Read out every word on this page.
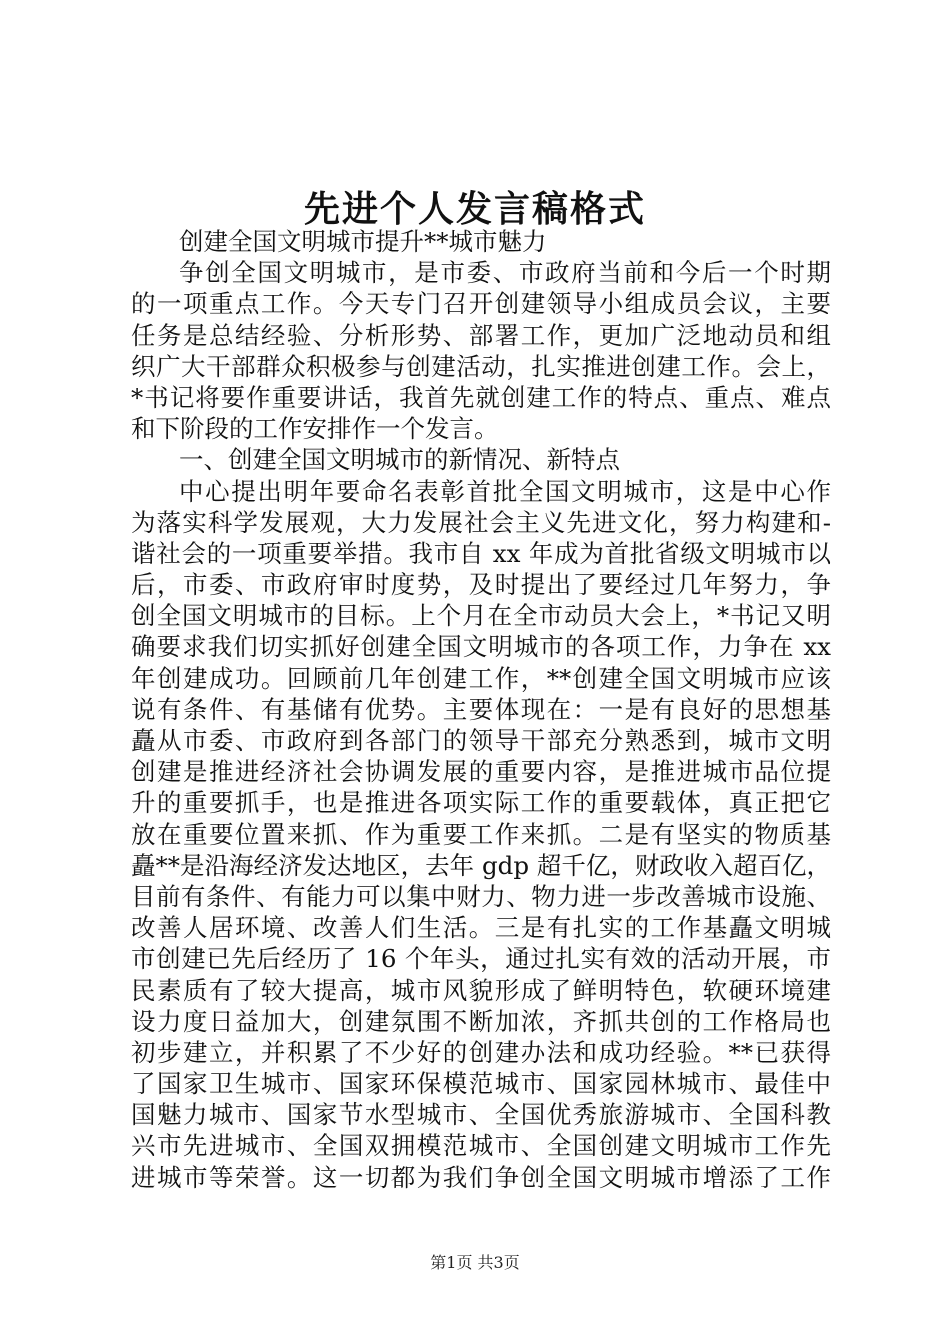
先进个人发言稿格式
创建全国文明城市提升**城市魅力
争创全国文明城市，是市委、市政府当前和今后一个时期
的一项重点工作。今天专门召开创建领导小组成员会议，主要
任务是总结经验、分析形势、部署工作，更加广泛地动员和组
织广大干部群众积极参与创建活动，扎实推进创建工作。会上，
*书记将要作重要讲话，我首先就创建工作的特点、重点、难点
和下阶段的工作安排作一个发言。
一、创建全国文明城市的新情况、新特点
中心提出明年要命名表彰首批全国文明城市，这是中心作
为落实科学发展观，大力发展社会主义先进文化，努力构建和-
谐社会的一项重要举措。我市自 xx 年成为首批省级文明城市以
后，市委、市政府审时度势，及时提出了要经过几年努力，争
创全国文明城市的目标。上个月在全市动员大会上，*书记又明
确要求我们切实抓好创建全国文明城市的各项工作，力争在 xx
年创建成功。回顾前几年创建工作，**创建全国文明城市应该
说有条件、有基储有优势。主要体现在：一是有良好的思想基
矗从市委、市政府到各部门的领导干部充分熟悉到，城市文明
创建是推进经济社会协调发展的重要内容，是推进城市品位提
升的重要抓手，也是推进各项实际工作的重要载体，真正把它
放在重要位置来抓、作为重要工作来抓。二是有坚实的物质基
矗**是沿海经济发达地区，去年 gdp 超千亿，财政收入超百亿，
目前有条件、有能力可以集中财力、物力进一步改善城市设施、
改善人居环境、改善人们生活。三是有扎实的工作基矗文明城
市创建已先后经历了 16 个年头，通过扎实有效的活动开展，市
民素质有了较大提高，城市风貌形成了鲜明特色，软硬环境建
设力度日益加大，创建氛围不断加浓，齐抓共创的工作格局也
初步建立，并积累了不少好的创建办法和成功经验。**已获得
了国家卫生城市、国家环保模范城市、国家园林城市、最佳中
国魅力城市、国家节水型城市、全国优秀旅游城市、全国科教
兴市先进城市、全国双拥模范城市、全国创建文明城市工作先
进城市等荣誉。这一切都为我们争创全国文明城市增添了工作
第1页 共3页
